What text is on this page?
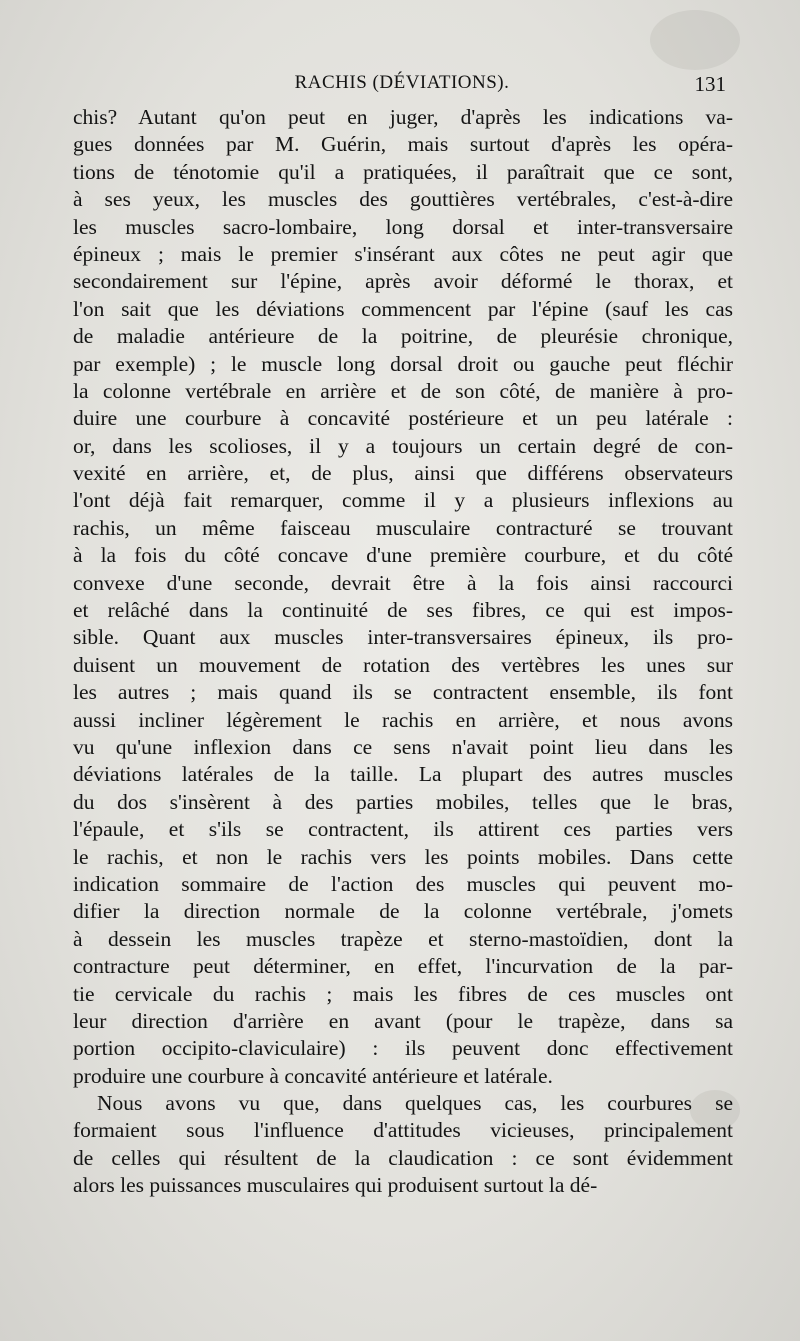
RACHIS (DÉVIATIONS).	131
chis? Autant qu'on peut en juger, d'après les indications va-
gues données par M. Guérin, mais surtout d'après les opéra-
tions de ténotomie qu'il a pratiquées, il paraîtrait que ce sont,
à ses yeux, les muscles des gouttières vertébrales, c'est-à-dire
les muscles sacro-lombaire, long dorsal et inter-transversaire
épineux ; mais le premier s'insérant aux côtes ne peut agir que
secondairement sur l'épine, après avoir déformé le thorax, et
l'on sait que les déviations commencent par l'épine (sauf les cas
de maladie antérieure de la poitrine, de pleurésie chronique,
par exemple) ; le muscle long dorsal droit ou gauche peut fléchir
la colonne vertébrale en arrière et de son côté, de manière à pro-
duire une courbure à concavité postérieure et un peu latérale :
or, dans les scolioses, il y a toujours un certain degré de con-
vexité en arrière, et, de plus, ainsi que différens observateurs
l'ont déjà fait remarquer, comme il y a plusieurs inflexions au
rachis, un même faisceau musculaire contracturé se trouvant
à la fois du côté concave d'une première courbure, et du côté
convexe d'une seconde, devrait être à la fois ainsi raccourci
et relâché dans la continuité de ses fibres, ce qui est impos-
sible. Quant aux muscles inter-transversaires épineux, ils pro-
duisent un mouvement de rotation des vertèbres les unes sur
les autres ; mais quand ils se contractent ensemble, ils font
aussi incliner légèrement le rachis en arrière, et nous avons
vu qu'une inflexion dans ce sens n'avait point lieu dans les
déviations latérales de la taille. La plupart des autres muscles
du dos s'insèrent à des parties mobiles, telles que le bras,
l'épaule, et s'ils se contractent, ils attirent ces parties vers
le rachis, et non le rachis vers les points mobiles. Dans cette
indication sommaire de l'action des muscles qui peuvent mo-
difier la direction normale de la colonne vertébrale, j'omets
à dessein les muscles trapèze et sterno-mastoïdien, dont la
contracture peut déterminer, en effet, l'incurvation de la par-
tie cervicale du rachis ; mais les fibres de ces muscles ont
leur direction d'arrière en avant (pour le trapèze, dans sa
portion occipito-claviculaire) : ils peuvent donc effectivement
produire une courbure à concavité antérieure et latérale.
Nous avons vu que, dans quelques cas, les courbures se
formaient sous l'influence d'attitudes vicieuses, principalement
de celles qui résultent de la claudication : ce sont évidemment
alors les puissances musculaires qui produisent surtout la dé-
